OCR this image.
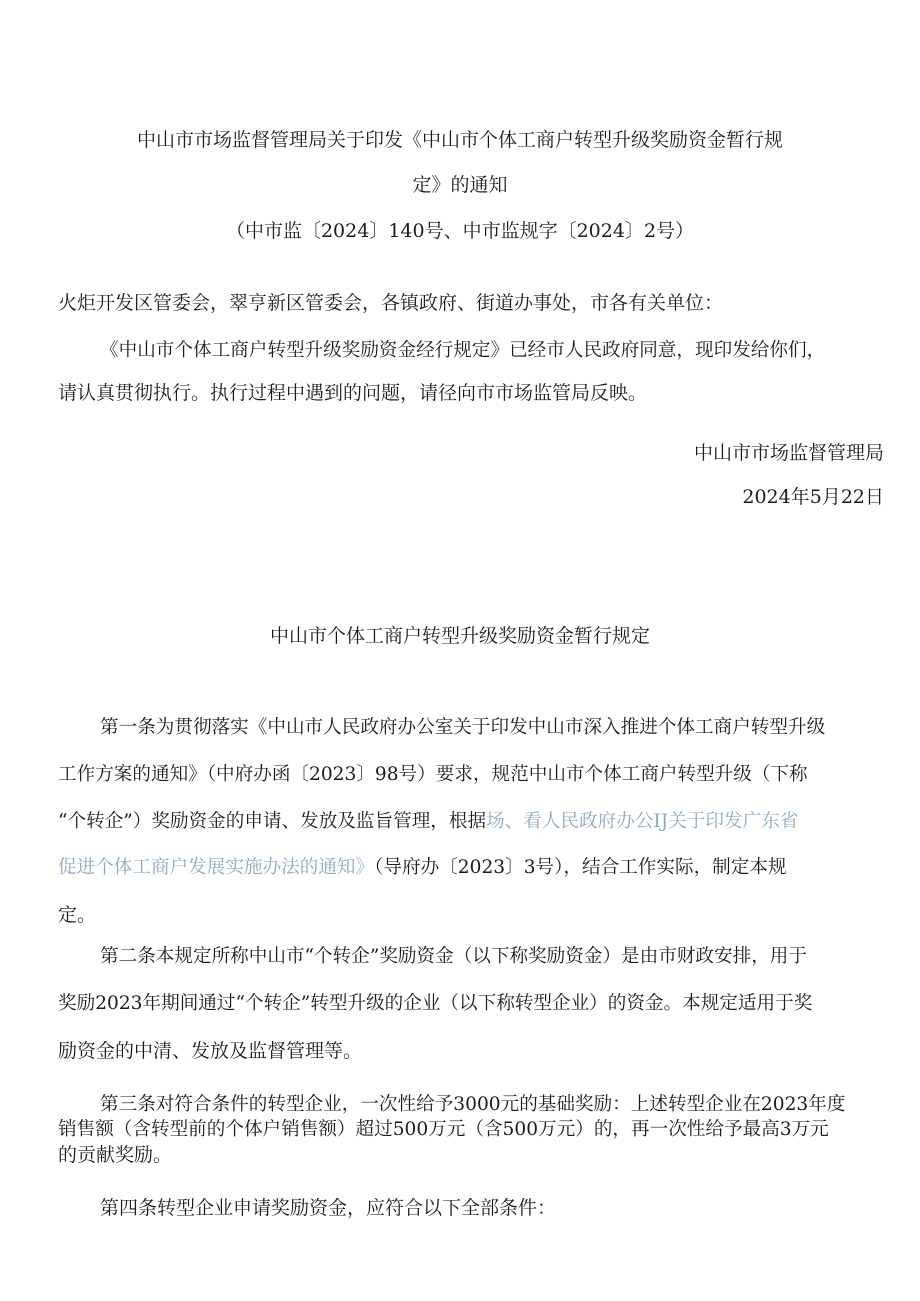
中山市市场监督管理局关于印发《中山市个体工商户转型升级奖励资金暂行规
定》的通知
（中市监〔2024〕140号、中市监规字〔2024〕2号）
火炬开发区管委会，翠亨新区管委会，各镇政府、街道办事处，市各有关单位：
《中山市个体工商户转型升级奖励资金经行规定》已经市人民政府同意，现印发给你们，
请认真贯彻执行。执行过程中遇到的问题，请径向市市场监管局反映。
中山市市场监督管理局
2024年5月22日
中山市个体工商户转型升级奖励资金暂行规定
第一条为贯彻落实《中山市人民政府办公室关于印发中山市深入推进个体工商户转型升级
工作方案的通知》（中府办函〔2023〕98号）要求，规范中山市个体工商户转型升级（下称
“个转企”）奖励资金的申请、发放及监旨管理，根据场、看人民政府办公IJ关于印发广东省
促进个体工商户发展实施办法的通知》（导府办〔2023〕3号），结合工作实际，制定本规
定。
第二条本规定所称中山市“个转企”奖励资金（以下称奖励资金）是由市财政安排，用于
奖励2023年期间通过“个转企”转型升级的企业（以下称转型企业）的资金。本规定适用于奖
励资金的中清、发放及监督管理等。
第三条对符合条件的转型企业，一次性给予3000元的基础奖励：上述转型企业在2023年度
销售额（含转型前的个体户销售额）超过500万元（含500万元）的，再一次性给予最高3万元
的贡献奖励。
第四条转型企业申请奖励资金，应符合以下全部条件：
